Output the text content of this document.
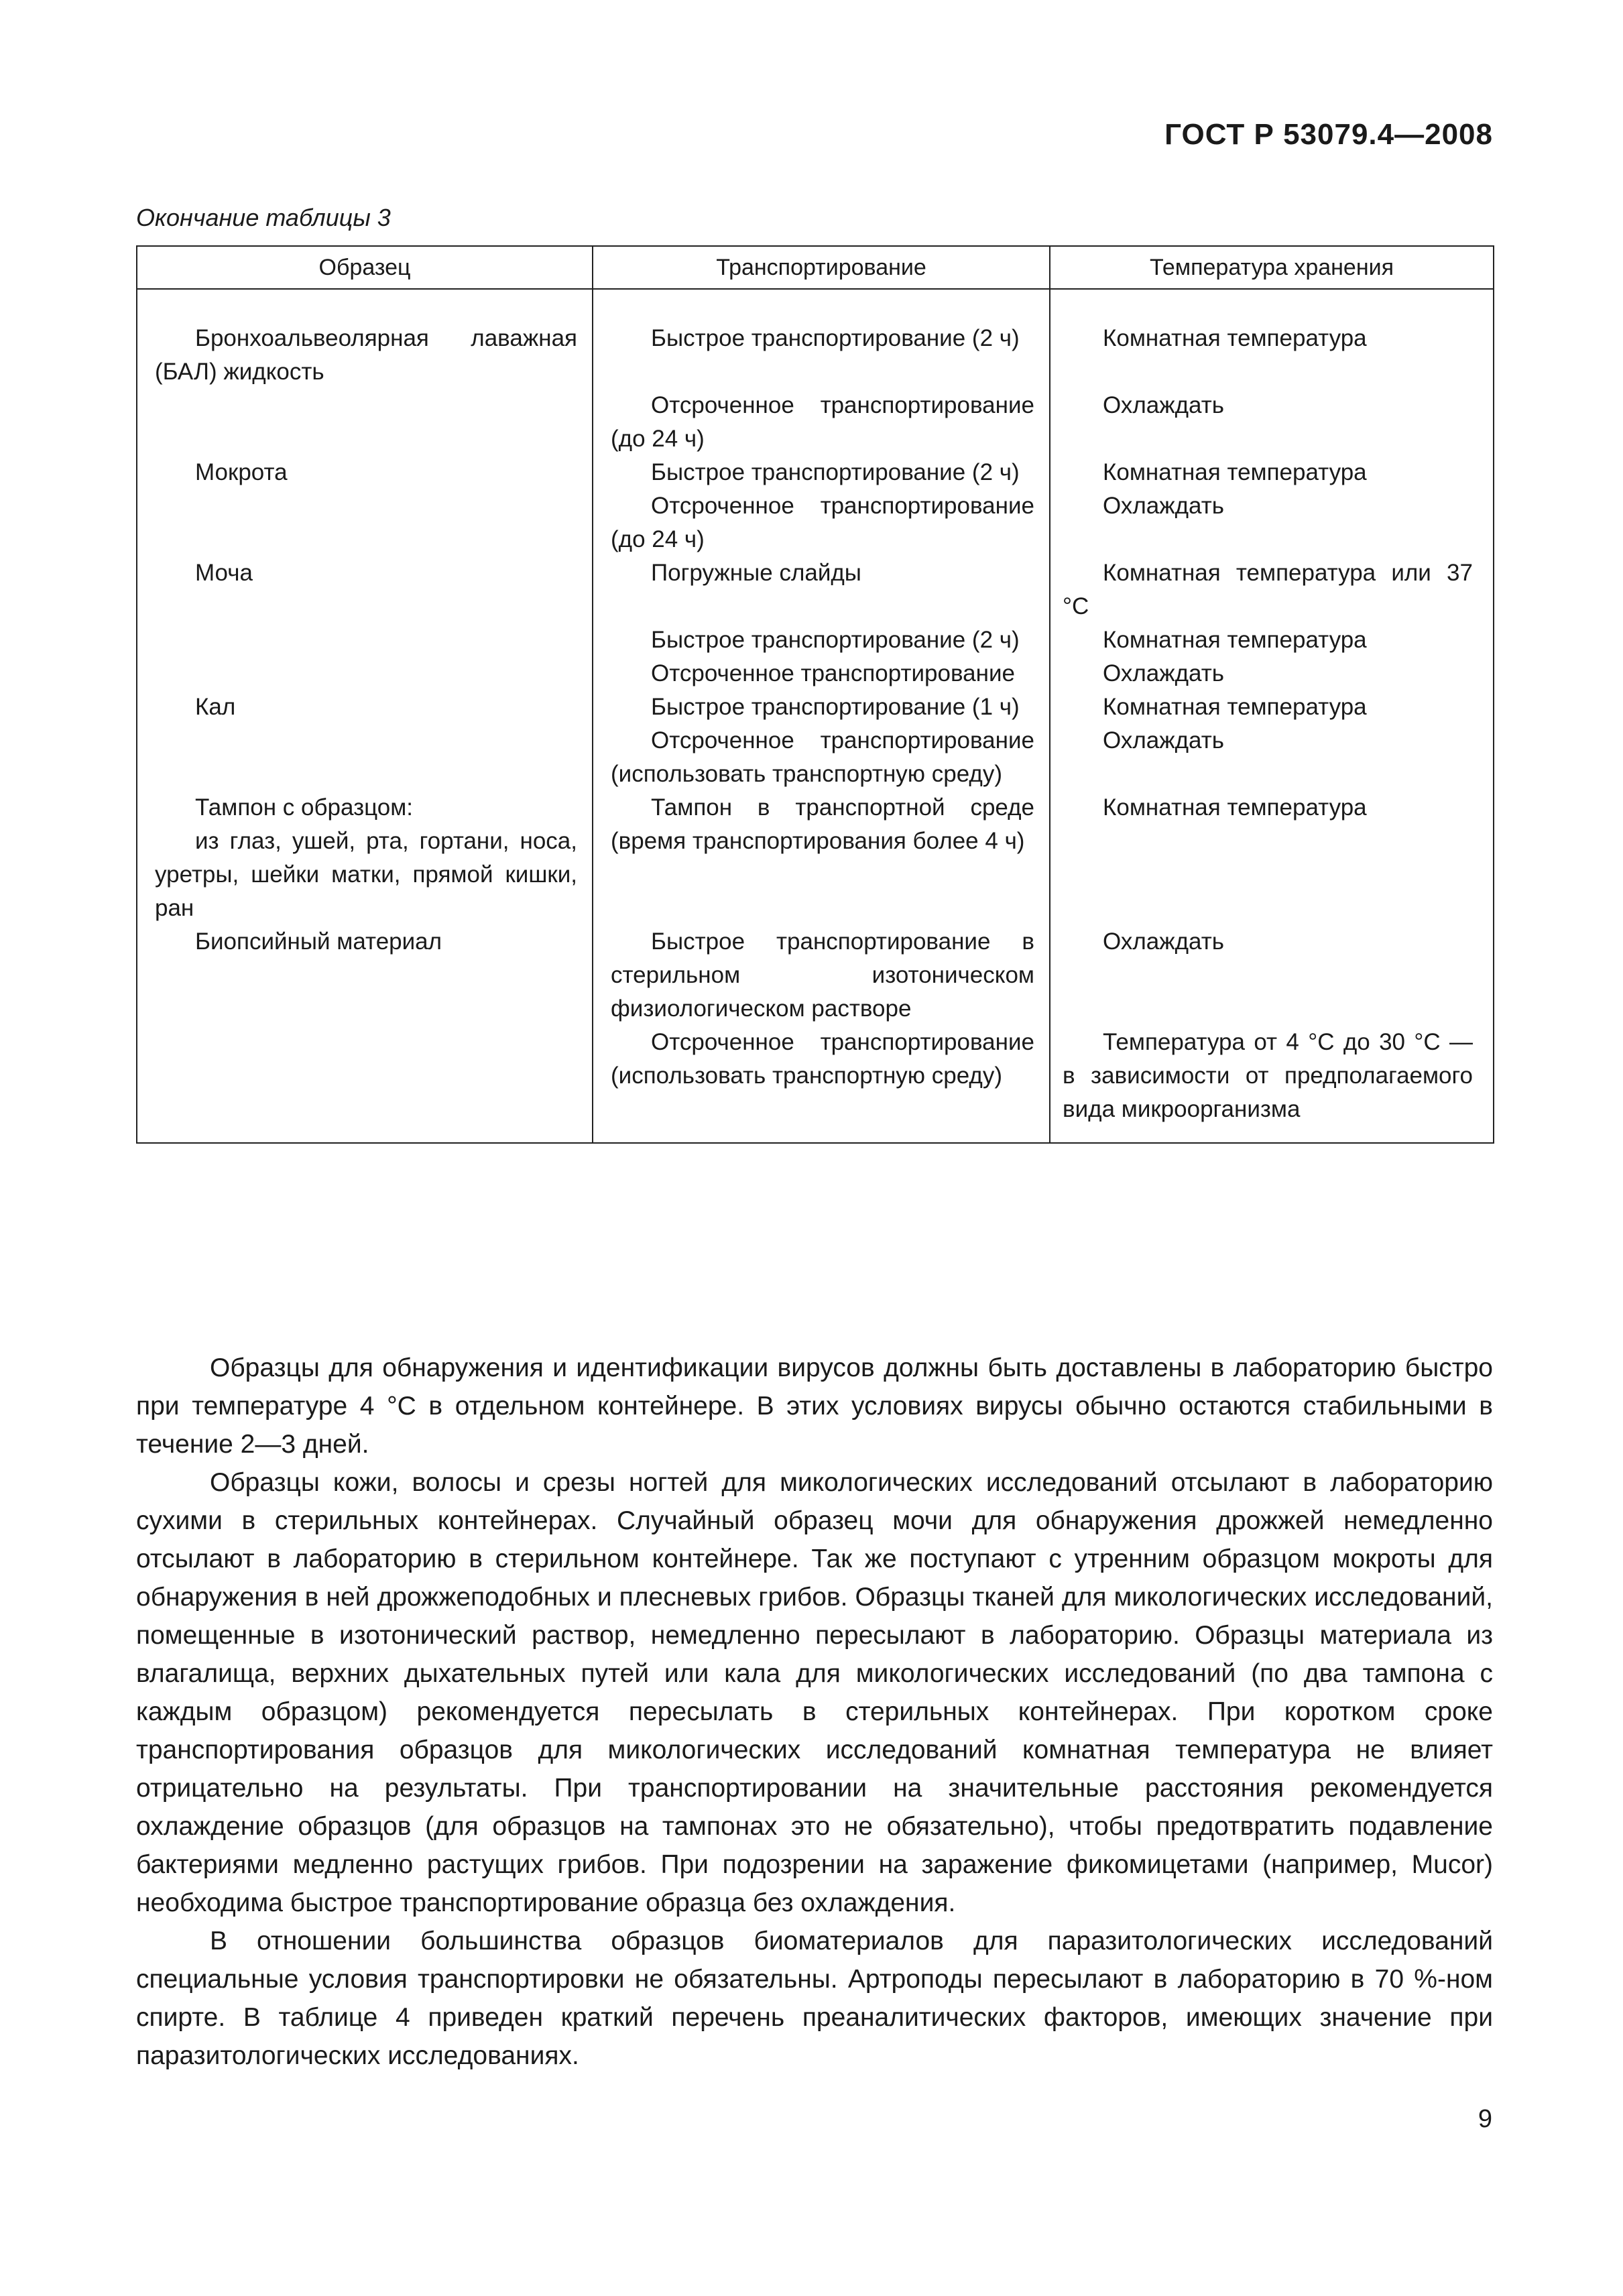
ГОСТ Р 53079.4—2008
Окончание таблицы 3
Образец	Транспортирование	Температура хранения

Бронхоальвеолярная лаважная (БАЛ) жидкость	Быстрое транспортирование (2 ч)	Комнатная температура

	Отсроченное транспортирование (до 24 ч)	Охлаждать

Мокрота	Быстрое транспортирование (2 ч)	Комнатная температура

	Отсроченное транспортирование (до 24 ч)	Охлаждать

Моча	Погружные слайды	Комнатная температура или 37 °С

	Быстрое транспортирование (2 ч)	Комнатная температура

	Отсроченное транспортирование	Охлаждать

Кал	Быстрое транспортирование (1 ч)	Комнатная температура

	Отсроченное транспортирование (использовать транспортную среду)	Охлаждать

Тампон с образцом:
из глаз, ушей, рта, гортани, носа, уретры, шейки матки, прямой кишки, ран	Тампон в транспортной среде (время транспортирования более 4 ч)	Комнатная температура

Биопсийный материал	Быстрое транспортирование в стерильном изотоническом физиологическом растворе	Охлаждать

	Отсроченное транспортирование (использовать транспортную среду)	Температура от 4 °С до 30 °С — в зависимости от предполагаемого вида микроорганизма

Образцы для обнаружения и идентификации вирусов должны быть доставлены в лабораторию быстро при температуре 4 °С в отдельном контейнере. В этих условиях вирусы обычно остаются стабильными в течение 2—3 дней.

Образцы кожи, волосы и срезы ногтей для микологических исследований отсылают в лабораторию сухими в стерильных контейнерах. Случайный образец мочи для обнаружения дрожжей немедленно отсылают в лабораторию в стерильном контейнере. Так же поступают с утренним образцом мокроты для обнаружения в ней дрожжеподобных и плесневых грибов. Образцы тканей для микологических исследований, помещенные в изотонический раствор, немедленно пересылают в лабораторию. Образцы материала из влагалища, верхних дыхательных путей или кала для микологических исследований (по два тампона с каждым образцом) рекомендуется пересылать в стерильных контейнерах. При коротком сроке транспортирования образцов для микологических исследований комнатная температура не влияет отрицательно на результаты. При транспортировании на значительные расстояния рекомендуется охлаждение образцов (для образцов на тампонах это не обязательно), чтобы предотвратить подавление бактериями медленно растущих грибов. При подозрении на заражение фикомицетами (например, Mucor) необходима быстрое транспортирование образца без охлаждения.

В отношении большинства образцов биоматериалов для паразитологических исследований специальные условия транспортировки не обязательны. Артроподы пересылают в лабораторию в 70 %-ном спирте. В таблице 4 приведен краткий перечень преаналитических факторов, имеющих значение при паразитологических исследованиях.

9
